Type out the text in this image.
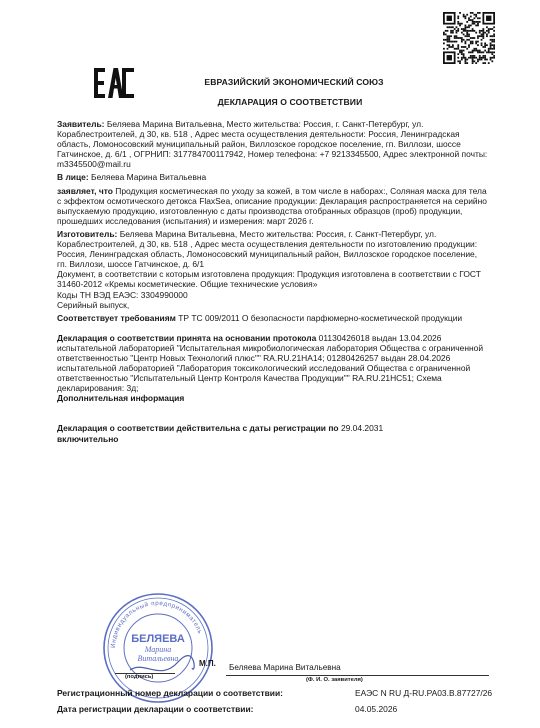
ЕВРАЗИЙСКИЙ ЭКОНОМИЧЕСКИЙ СОЮЗ
ДЕКЛАРАЦИЯ О СООТВЕТСТВИИ

Заявитель: Беляева Марина Витальевна, Место жительства: Россия, г. Санкт-Петербург, ул. Кораблестроителей, д 30, кв. 518 , Адрес места осуществления деятельности: Россия, Ленинградская область, Ломоносовский муниципальный район, Виллозское городское поселение, гп. Виллози, шоссе Гатчинское, д. 6/1 , ОГРНИП: 317784700117942, Номер телефона: +7 9213345500, Адрес электронной почты: m3345500@mail.ru

В лице: Беляева Марина Витальевна

заявляет, что Продукция косметическая по уходу за кожей, в том числе в наборах:, Соляная маска для тела с эффектом осмотического детокса FlaxSea, описание продукции: Декларация распространяется на серийно выпускаемую продукцию, изготовленную с даты производства отобранных образцов (проб) продукции, прошедших исследования (испытания) и измерения: март 2026 г.

Изготовитель: Беляева Марина Витальевна, Место жительства: Россия, г. Санкт-Петербург, ул. Кораблестроителей, д 30, кв. 518 , Адрес места осуществления деятельности по изготовлению продукции: Россия, Ленинградская область, Ломоносовский муниципальный район, Виллозское городское поселение, гп. Виллози, шоссе Гатчинское, д. 6/1

Документ, в соответствии с которым изготовлена продукция: Продукция изготовлена в соответствии с ГОСТ 31460-2012 «Кремы косметические. Общие технические условия»

Коды ТН ВЭД ЕАЭС: 3304990000

Серийный выпуск,

Соответствует требованиям ТР ТС 009/2011 О безопасности парфюмерно-косметической продукции

Декларация о соответствии принята на основании протокола 01130426018 выдан 13.04.2026 испытательной лабораторией "Испытательная микробиологическая лаборатория Общества с ограниченной ответственностью "Центр Новых Технологий плюс"" RA.RU.21НА14; 01280426257 выдан 28.04.2026 испытательной лабораторией "Лаборатория токсикологический исследований Общества с ограниченной ответственностью "Испытательный Центр Контроля Качества Продукции"" RA.RU.21НС51; Схема декларирования: 3д;

Дополнительная информация

Декларация о соответствии действительна с даты регистрации по 29.04.2031
включительно

Индивидуальный предприниматель
БЕЛЯЕВА
Марина
Витальевна
(подпись)
М.П. Беляева Марина Витальевна
(Ф. И. О. заявителя)
Регистрационный номер декларации о соответствии:	ЕАЭС N RU Д-RU.PA03.B.87727/26
Дата регистрации декларации о соответствии:	04.05.2026
